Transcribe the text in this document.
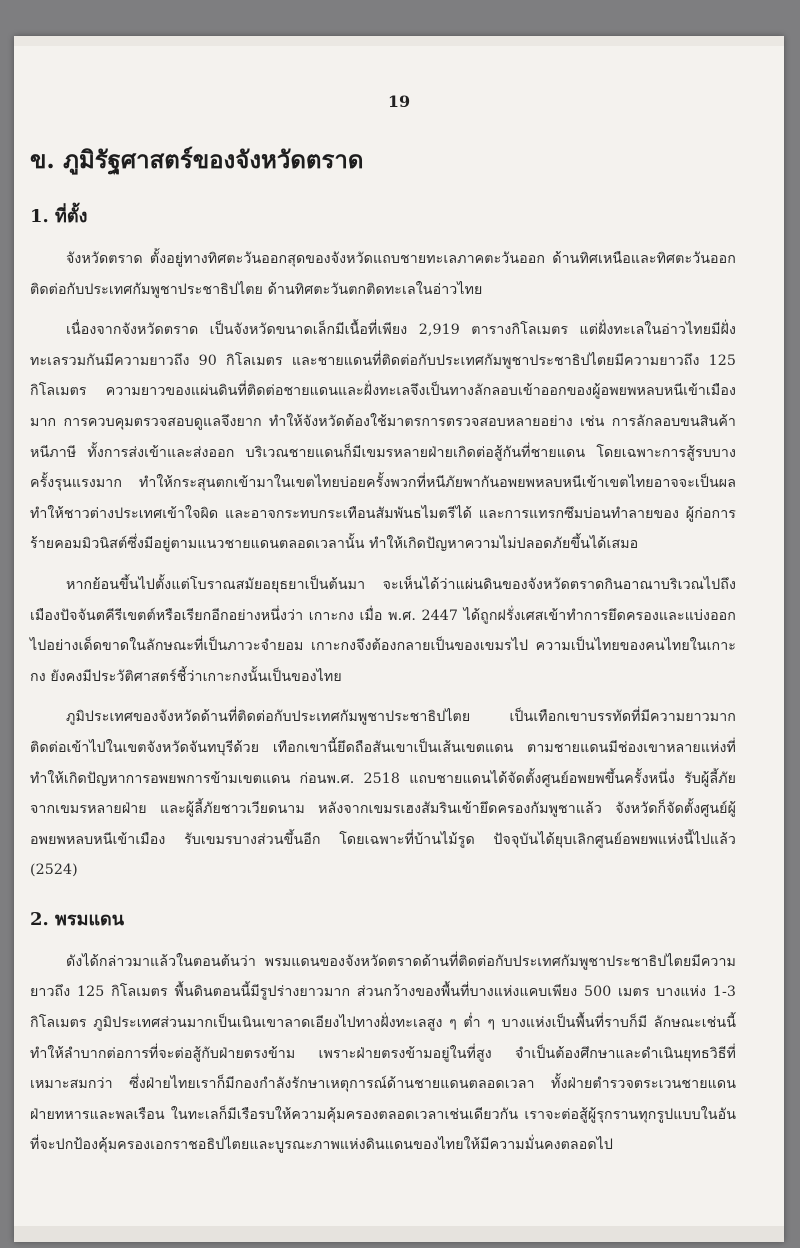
19
ข. ภูมิรัฐศาสตร์ของจังหวัดตราด
1. ที่ตั้ง

จังหวัดตราด ตั้งอยู่ทางทิศตะวันออกสุดของจังหวัดแถบชายทะเลภาคตะวันออก ด้านทิศเหนือและทิศตะวันออกติดต่อกับประเทศกัมพูชาประชาธิปไตย ด้านทิศตะวันตกติดทะเลในอ่าวไทย

เนื่องจากจังหวัดตราด เป็นจังหวัดขนาดเล็กมีเนื้อที่เพียง 2,919 ตารางกิโลเมตร แต่ฝั่งทะเลในอ่าวไทยมีฝั่งทะเลรวมกันมีความยาวถึง 90 กิโลเมตร และชายแดนที่ติดต่อกับประเทศกัมพูชาประชาธิปไตยมีความยาวถึง 125 กิโลเมตร ความยาวของแผ่นดินที่ติดต่อชายแดนและฝั่งทะเลจึงเป็นทางลักลอบเข้าออกของผู้อพยพหลบหนีเข้าเมืองมาก การควบคุมตรวจสอบดูแลจึงยาก ทำให้จังหวัดต้องใช้มาตรการตรวจสอบหลายอย่าง เช่น การลักลอบขนสินค้าหนีภาษี ทั้งการส่งเข้าและส่งออก บริเวณชายแดนก็มีเขมรหลายฝ่ายเกิดต่อสู้กันที่ชายแดน โดยเฉพาะการสู้รบบางครั้งรุนแรงมาก ทำให้กระสุนตกเข้ามาในเขตไทยบ่อยครั้งพวกที่หนีภัยพากันอพยพหลบหนีเข้าเขตไทยอาจจะเป็นผลทำให้ชาวต่างประเทศเข้าใจผิด และอาจกระทบกระเทือนสัมพันธไมตรีได้ และการแทรกซึมบ่อนทำลายของ ผู้ก่อการร้ายคอมมิวนิสต์ซึ่งมีอยู่ตามแนวชายแดนตลอดเวลานั้น ทำให้เกิดปัญหาความไม่ปลอดภัยขึ้นได้เสมอ

หากย้อนขึ้นไปตั้งแต่โบราณสมัยอยุธยาเป็นต้นมา จะเห็นได้ว่าแผ่นดินของจังหวัดตราดกินอาณาบริเวณไปถึงเมืองปัจจันตคีรีเขตต์หรือเรียกอีกอย่างหนึ่งว่า เกาะกง เมื่อ พ.ศ. 2447 ได้ถูกฝรั่งเศสเข้าทำการยึดครองและแบ่งออกไปอย่างเด็ดขาดในลักษณะที่เป็นภาวะจำยอม เกาะกงจึงต้องกลายเป็นของเขมรไป ความเป็นไทยของคนไทยในเกาะกง ยังคงมีประวัติศาสตร์ชี้ว่าเกาะกงนั้นเป็นของไทย

ภูมิประเทศของจังหวัดด้านที่ติดต่อกับประเทศกัมพูชาประชาธิปไตย เป็นเทือกเขาบรรทัดที่มีความยาวมากติดต่อเข้าไปในเขตจังหวัดจันทบุรีด้วย เทือกเขานี้ยึดถือสันเขาเป็นเส้นเขตแดน ตามชายแดนมีช่องเขาหลายแห่งที่ทำให้เกิดปัญหาการอพยพการข้ามเขตแดน ก่อนพ.ศ. 2518 แถบชายแดนได้จัดตั้งศูนย์อพยพขึ้นครั้งหนึ่ง รับผู้ลี้ภัยจากเขมรหลายฝ่าย และผู้ลี้ภัยชาวเวียดนาม หลังจากเขมรเฮงสัมรินเข้ายึดครองกัมพูชาแล้ว จังหวัดก็จัดตั้งศูนย์ผู้อพยพหลบหนีเข้าเมือง รับเขมรบางส่วนขึ้นอีก โดยเฉพาะที่บ้านไม้รูด ปัจจุบันได้ยุบเลิกศูนย์อพยพแห่งนี้ไปแล้ว (2524)

2. พรมแดน

ดังได้กล่าวมาแล้วในตอนต้นว่า พรมแดนของจังหวัดตราดด้านที่ติดต่อกับประเทศกัมพูชาประชาธิปไตยมีความยาวถึง 125 กิโลเมตร พื้นดินตอนนี้มีรูปร่างยาวมาก ส่วนกว้างของพื้นที่บางแห่งแคบเพียง 500 เมตร บางแห่ง 1-3 กิโลเมตร ภูมิประเทศส่วนมากเป็นเนินเขาลาดเอียงไปทางฝั่งทะเลสูง ๆ ต่ำ ๆ บางแห่งเป็นพื้นที่ราบก็มี ลักษณะเช่นนี้ทำให้ลำบากต่อการที่จะต่อสู้กับฝ่ายตรงข้าม เพราะฝ่ายตรงข้ามอยู่ในที่สูง จำเป็นต้องศึกษาและดำเนินยุทธวิธีที่เหมาะสมกว่า ซึ่งฝ่ายไทยเราก็มีกองกำลังรักษาเหตุการณ์ด้านชายแดนตลอดเวลา ทั้งฝ่ายตำรวจตระเวนชายแดน ฝ่ายทหารและพลเรือน ในทะเลก็มีเรือรบให้ความคุ้มครองตลอดเวลาเช่นเดียวกัน เราจะต่อสู้ผู้รุกรานทุกรูปแบบในอันที่จะปกป้องคุ้มครองเอกราชอธิปไตยและบูรณะภาพแห่งดินแดนของไทยให้มีความมั่นคงตลอดไป
